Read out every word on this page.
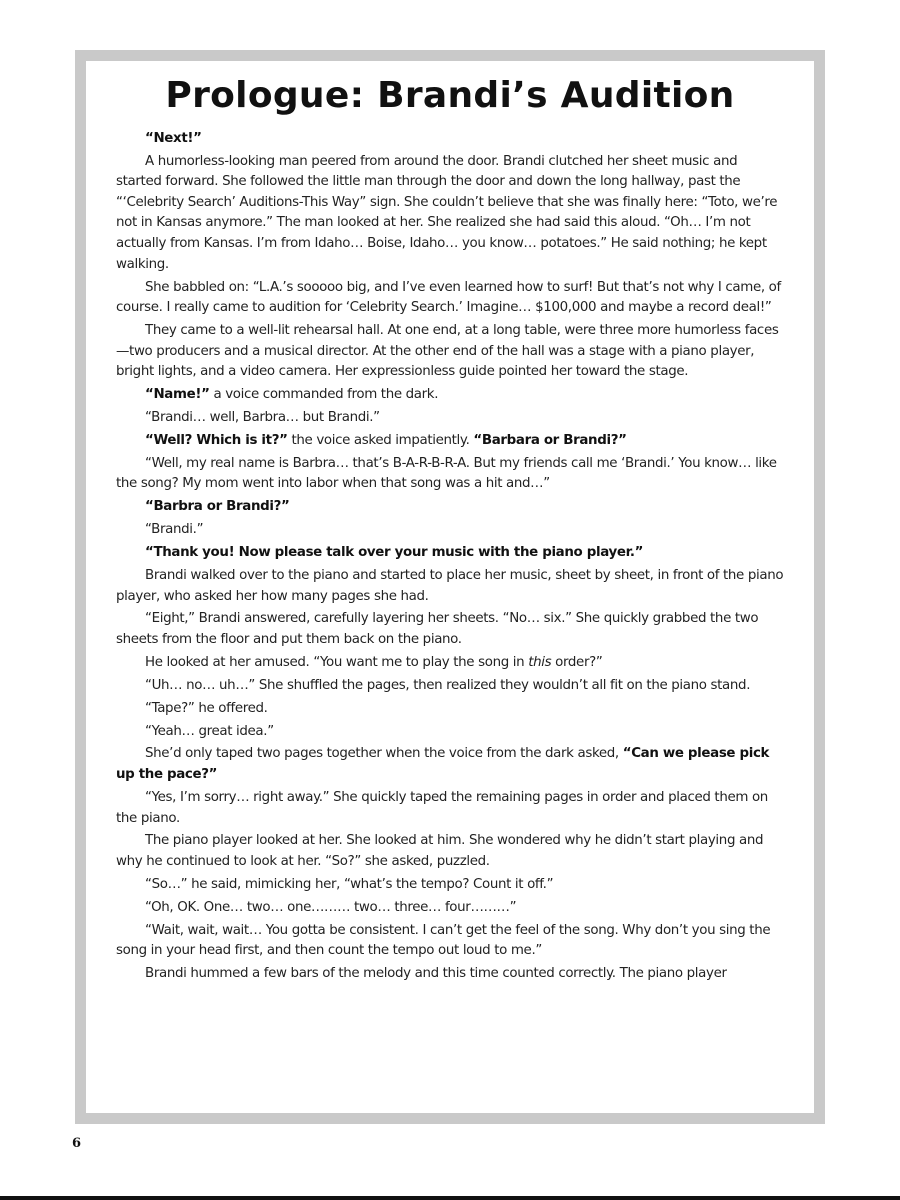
Prologue: Brandi’s Audition

“Next!”

A humorless-looking man peered from around the door. Brandi clutched her sheet music and started forward. She followed the little man through the door and down the long hallway, past the “‘Celebrity Search’ Auditions-This Way” sign. She couldn’t believe that she was finally here: “Toto, we’re not in Kansas anymore.” The man looked at her. She realized she had said this aloud. “Oh… I’m not actually from Kansas. I’m from Idaho… Boise, Idaho… you know… potatoes.” He said nothing; he kept walking.

She babbled on: “L.A.’s sooooo big, and I’ve even learned how to surf! But that’s not why I came, of course. I really came to audition for ‘Celebrity Search.’ Imagine… $100,000 and maybe a record deal!”

They came to a well-lit rehearsal hall. At one end, at a long table, were three more humorless faces—two producers and a musical director. At the other end of the hall was a stage with a piano player, bright lights, and a video camera. Her expressionless guide pointed her toward the stage.

“Name!” a voice commanded from the dark.

“Brandi… well, Barbra… but Brandi.”

“Well? Which is it?” the voice asked impatiently. “Barbara or Brandi?”

“Well, my real name is Barbra… that’s B-A-R-B-R-A. But my friends call me ‘Brandi.’ You know… like the song? My mom went into labor when that song was a hit and…”

“Barbra or Brandi?”

“Brandi.”

“Thank you! Now please talk over your music with the piano player.”

Brandi walked over to the piano and started to place her music, sheet by sheet, in front of the piano player, who asked her how many pages she had.

“Eight,” Brandi answered, carefully layering her sheets. “No… six.” She quickly grabbed the two sheets from the floor and put them back on the piano.

He looked at her amused. “You want me to play the song in this order?”

“Uh… no… uh…” She shuffled the pages, then realized they wouldn’t all fit on the piano stand.

“Tape?” he offered.

“Yeah… great idea.”

She’d only taped two pages together when the voice from the dark asked, “Can we please pick up the pace?”

“Yes, I’m sorry… right away.” She quickly taped the remaining pages in order and placed them on the piano.

The piano player looked at her. She looked at him. She wondered why he didn’t start playing and why he continued to look at her. “So?” she asked, puzzled.

“So…” he said, mimicking her, “what’s the tempo? Count it off.”

“Oh, OK. One… two… one……… two… three… four………”

“Wait, wait, wait… You gotta be consistent. I can’t get the feel of the song. Why don’t you sing the song in your head first, and then count the tempo out loud to me.”

Brandi hummed a few bars of the melody and this time counted correctly. The piano player

6
